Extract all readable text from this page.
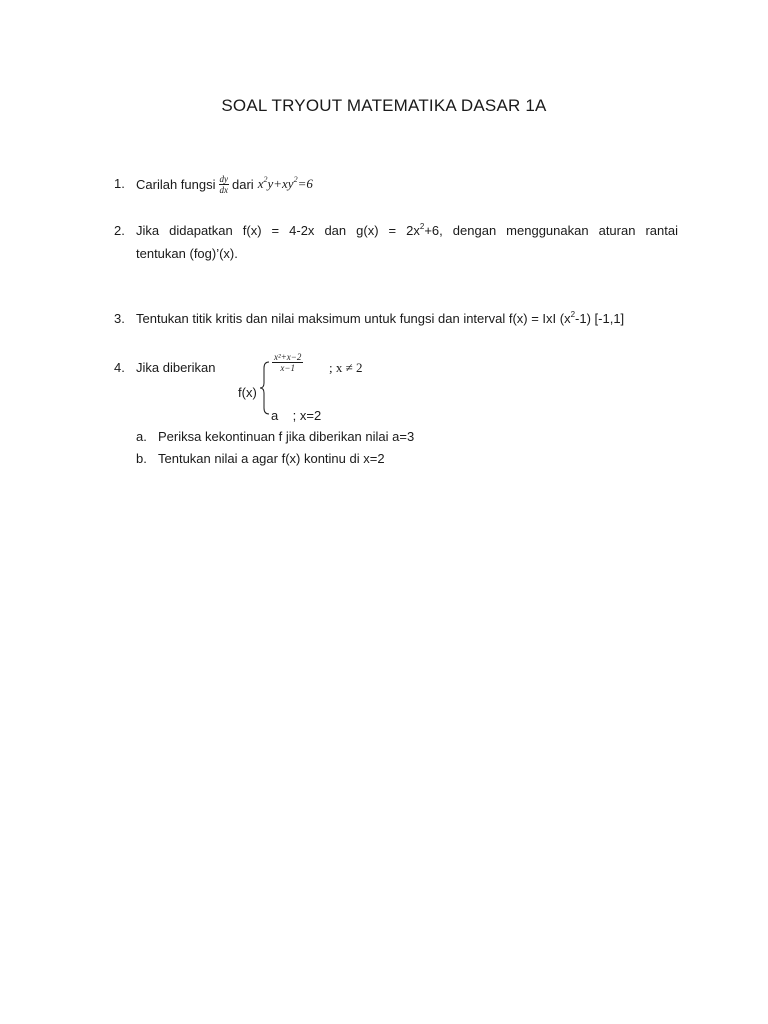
SOAL TRYOUT MATEMATIKA DASAR 1A
1. Carilah fungsi $\frac{dy}{dx}$ dari $x^2y+xy^2=6$
2. Jika didapatkan f(x) = 4-2x dan $g(x) = 2x^2+6$, dengan menggunakan aturan rantai
tentukan (fog)’(x).
3. Tentukan titik kritis dan nilai maksimum untuk fungsi dan interval f(x) = IxI $(x^2-1)$ [-1,1]
4. Jika diberikan
f(x)
$\frac{\text{x²+x−2}}{x-1}$ ; x ≠ 2
a    ; x=2
a. Periksa kekontinuan f jika diberikan nilai a=3
b. Tentukan nilai a agar f(x) kontinu di x=2
